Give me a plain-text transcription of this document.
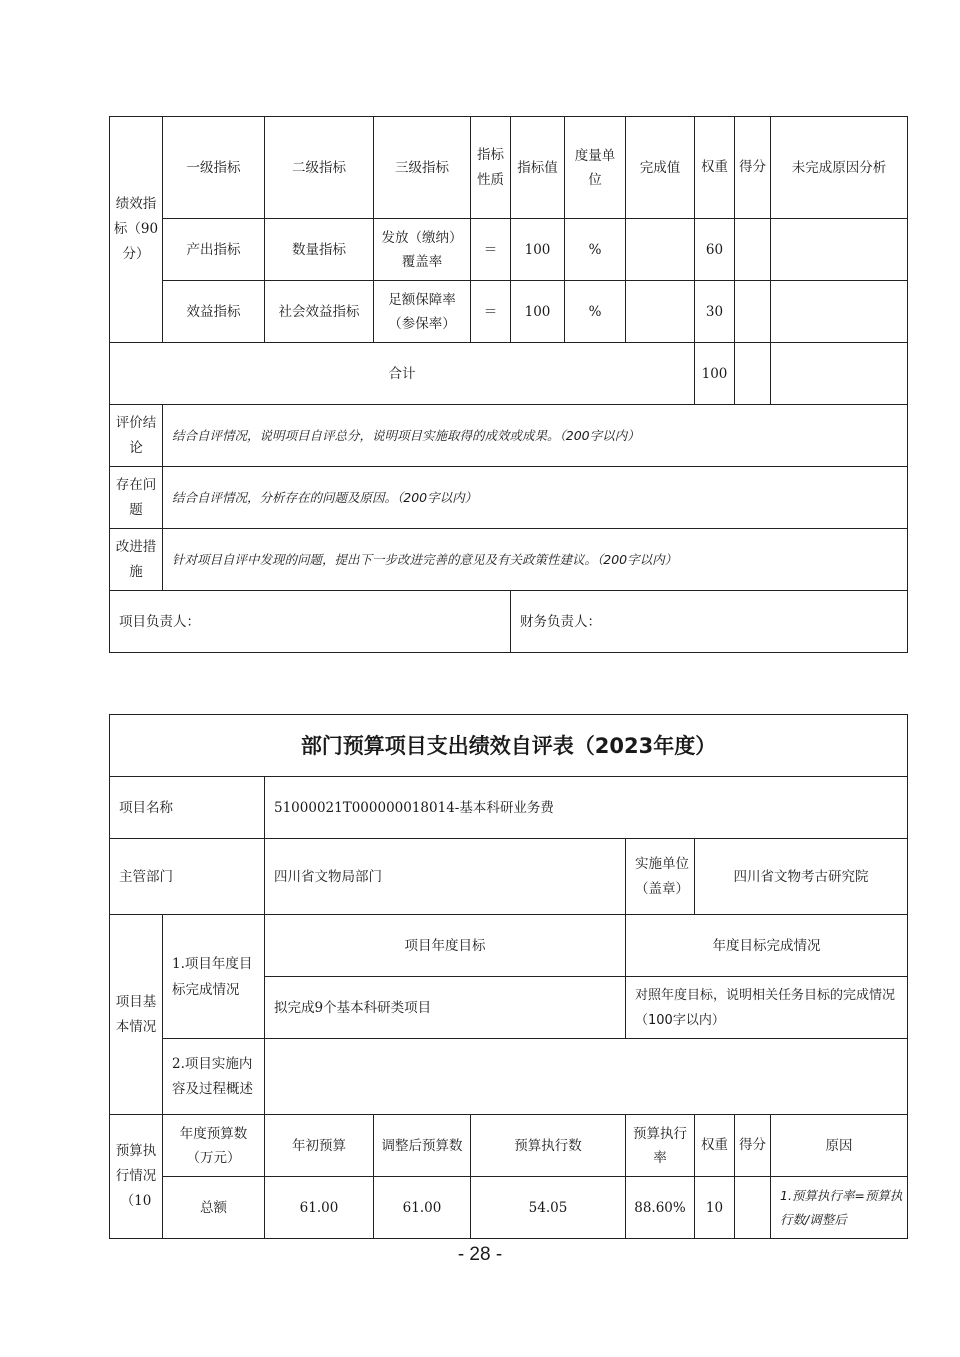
绩效指标（90分）	一级指标	二级指标	三级指标	指标性质	指标值	度量单位	完成值	权重	得分	未完成原因分析
	产出指标	数量指标	发放（缴纳）覆盖率	＝	100	%		60		
	效益指标	社会效益指标	足额保障率（参保率）	＝	100	%		30		
合计								100		
评价结论	结合自评情况，说明项目自评总分，说明项目实施取得的成效或成果。（200字以内）									
存在问题	结合自评情况，分析存在的问题及原因。（200字以内）									
改进措施	针对项目自评中发现的问题，提出下一步改进完善的意见及有关政策性建议。（200字以内）									
项目负责人：					财务负责人：					
部门预算项目支出绩效自评表（2023年度）								
项目名称		51000021T000000018014-基本科研业务费						
主管部门		四川省文物局部门			实施单位（盖章）	四川省文物考古研究院		
项目基本情况	1.项目年度目标完成情况	项目年度目标			年度目标完成情况			
		拟完成9个基本科研类项目			对照年度目标，说明相关任务目标的完成情况（100字以内）			
	2.项目实施内容及过程概述							
预算执行情况（10	年度预算数（万元）	年初预算	调整后预算数	预算执行数	预算执行率	权重	得分	原因
	总额	61.00	61.00	54.05	88.60%	10		1.预算执行率=预算执行数/调整后
- 28 -
